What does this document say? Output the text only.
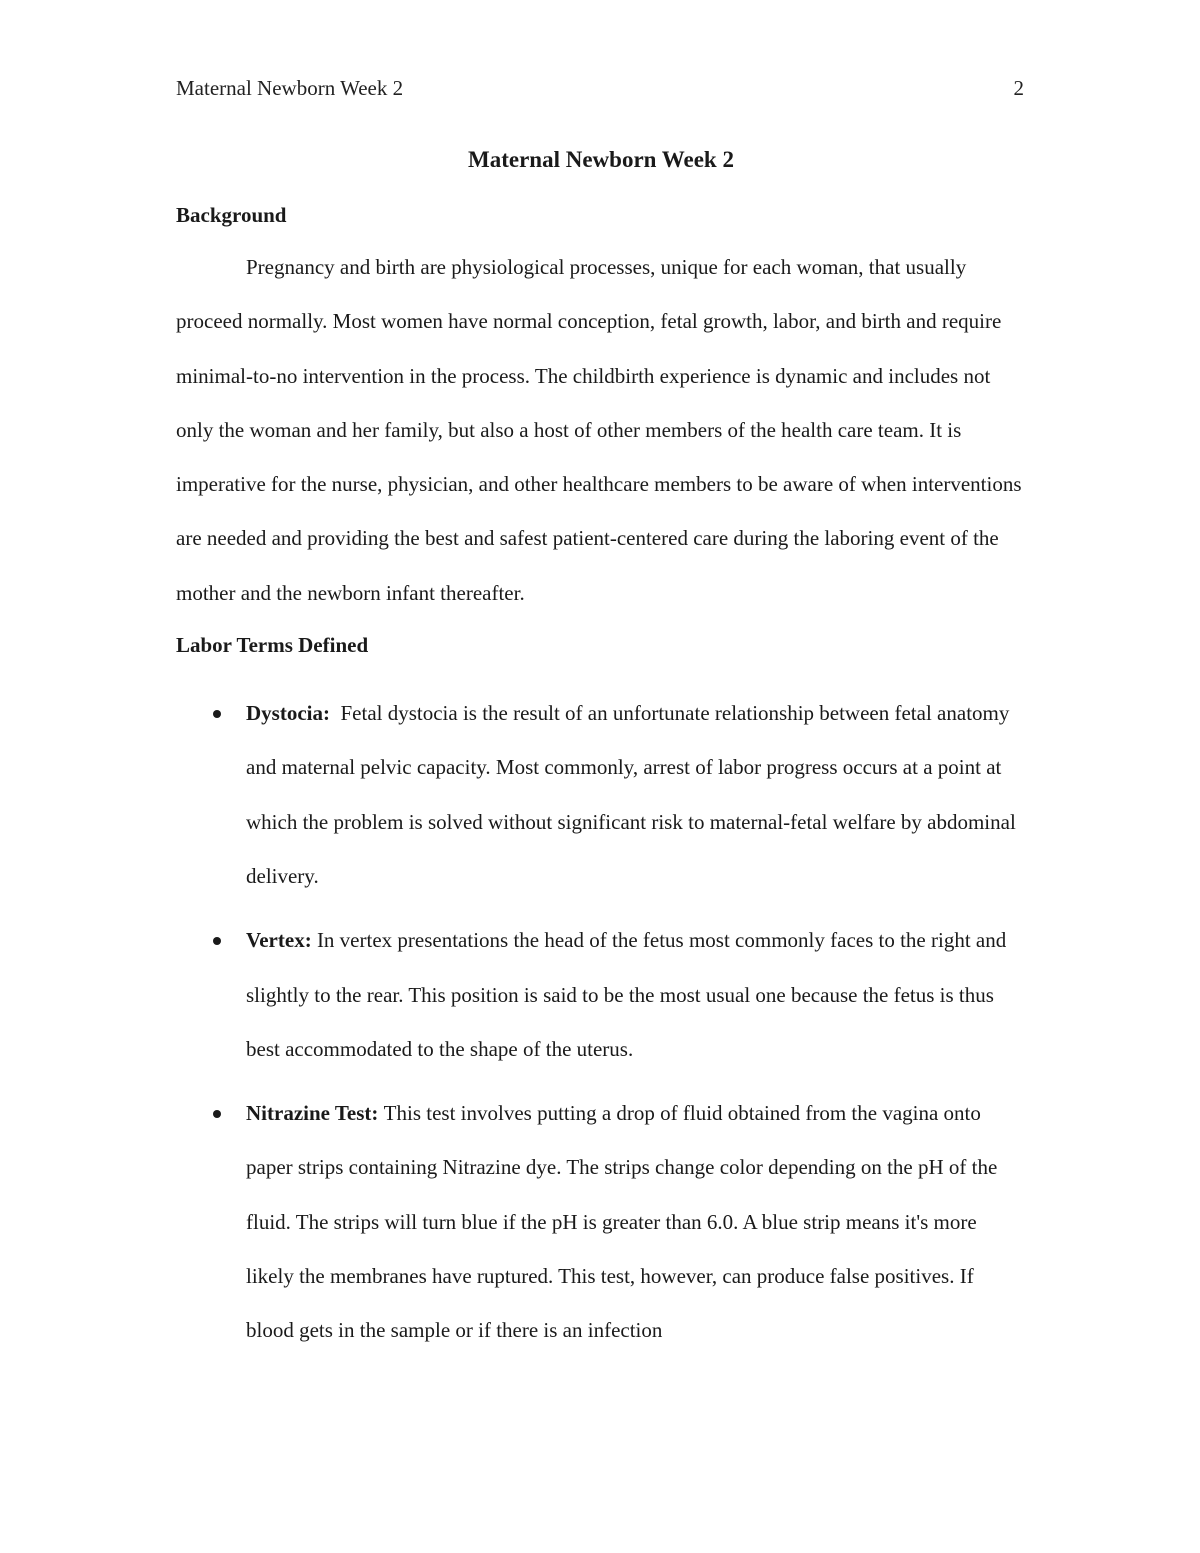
Maternal Newborn Week 2	2
Maternal Newborn Week 2
Background

Pregnancy and birth are physiological processes, unique for each woman, that usually proceed normally. Most women have normal conception, fetal growth, labor, and birth and require minimal-to-no intervention in the process. The childbirth experience is dynamic and includes not only the woman and her family, but also a host of other members of the health care team. It is imperative for the nurse, physician, and other healthcare members to be aware of when interventions are needed and providing the best and safest patient-centered care during the laboring event of the mother and the newborn infant thereafter.

Labor Terms Defined
Dystocia: Fetal dystocia is the result of an unfortunate relationship between fetal anatomy and maternal pelvic capacity. Most commonly, arrest of labor progress occurs at a point at which the problem is solved without significant risk to maternal-fetal welfare by abdominal delivery.
Vertex: In vertex presentations the head of the fetus most commonly faces to the right and slightly to the rear. This position is said to be the most usual one because the fetus is thus best accommodated to the shape of the uterus.
Nitrazine Test: This test involves putting a drop of fluid obtained from the vagina onto paper strips containing Nitrazine dye. The strips change color depending on the pH of the fluid. The strips will turn blue if the pH is greater than 6.0. A blue strip means it's more likely the membranes have ruptured. This test, however, can produce false positives. If blood gets in the sample or if there is an infection
